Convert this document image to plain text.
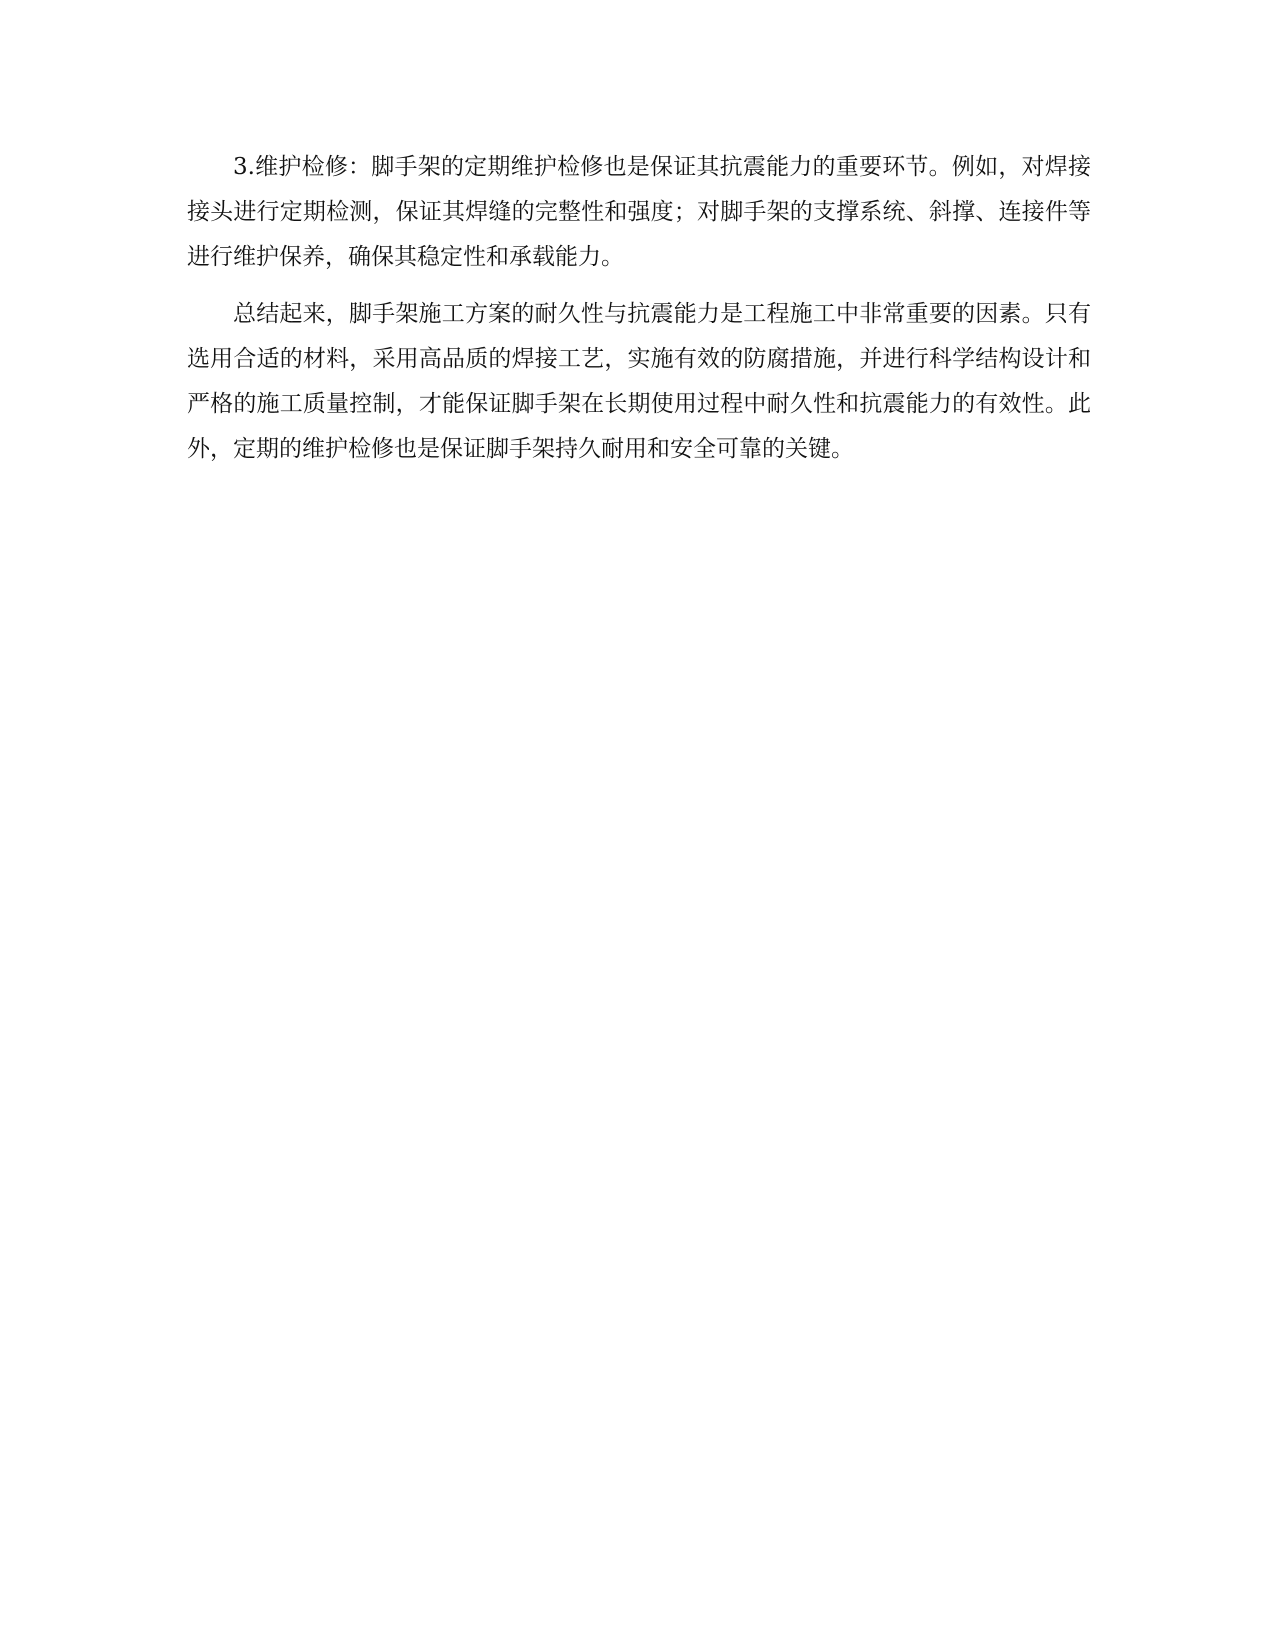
3.维护检修：脚手架的定期维护检修也是保证其抗震能力的重要环节。例如，对焊接接头进行定期检测，保证其焊缝的完整性和强度；对脚手架的支撑系统、斜撑、连接件等进行维护保养，确保其稳定性和承载能力。

总结起来，脚手架施工方案的耐久性与抗震能力是工程施工中非常重要的因素。只有选用合适的材料，采用高品质的焊接工艺，实施有效的防腐措施，并进行科学结构设计和严格的施工质量控制，才能保证脚手架在长期使用过程中耐久性和抗震能力的有效性。此外，定期的维护检修也是保证脚手架持久耐用和安全可靠的关键。
